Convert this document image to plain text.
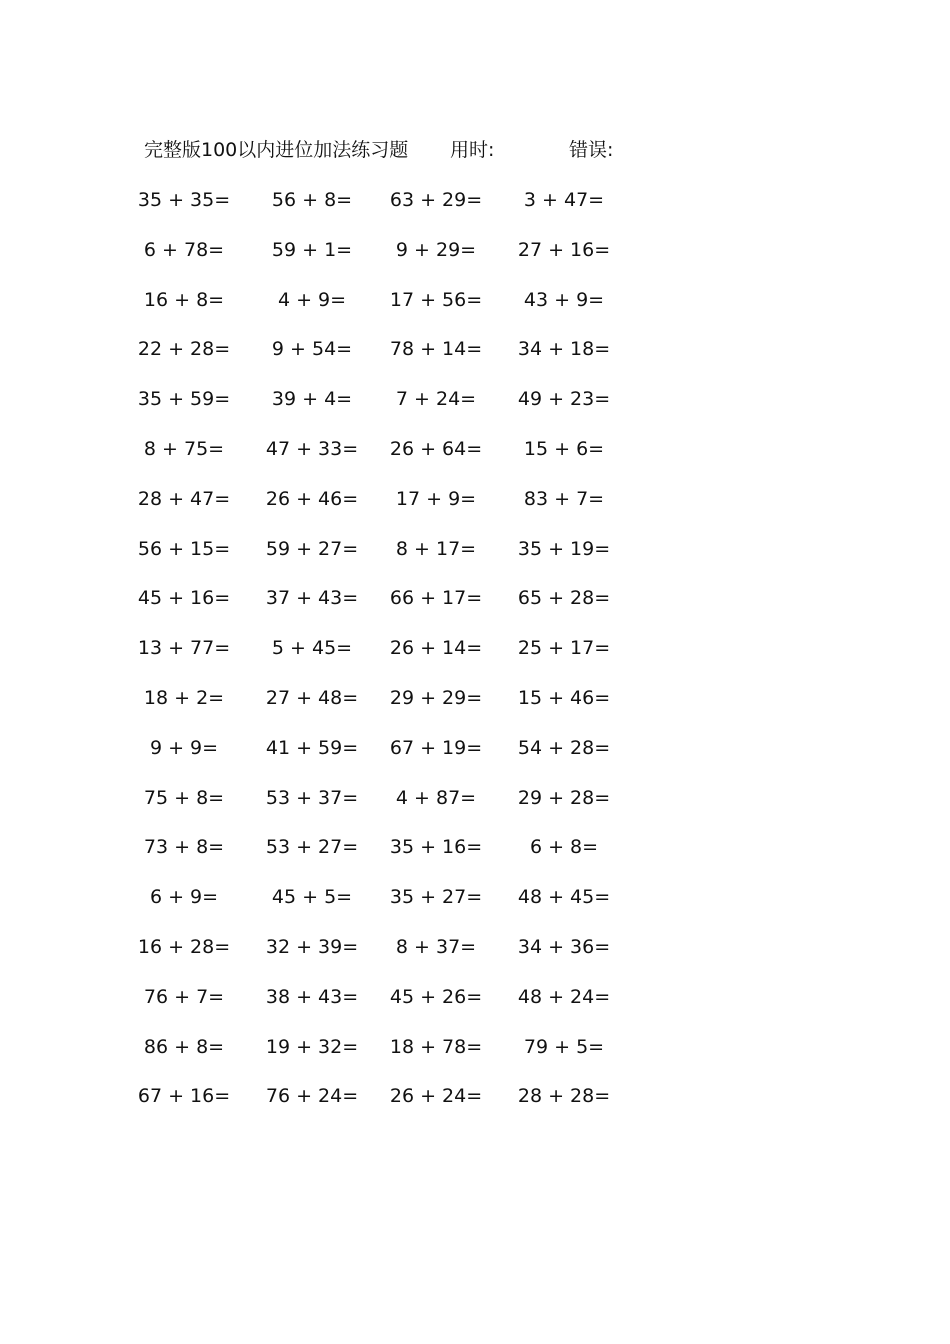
完整版100以内进位加法练习题 用时:	错误:
35 + 35=	56 + 8=	63 + 29=	3 + 47=
6 + 78=	59 + 1=	9 + 29=	27 + 16=
16 + 8=	4 + 9=	17 + 56=	43 + 9=
22 + 28=	9 + 54=	78 + 14=	34 + 18=
35 + 59=	39 + 4=	7 + 24=	49 + 23=
8 + 75=	47 + 33=	26 + 64=	15 + 6=
28 + 47=	26 + 46=	17 + 9=	83 + 7=
56 + 15=	59 + 27=	8 + 17=	35 + 19=
45 + 16=	37 + 43=	66 + 17=	65 + 28=
13 + 77=	5 + 45=	26 + 14=	25 + 17=
18 + 2=	27 + 48=	29 + 29=	15 + 46=
9 + 9=	41 + 59=	67 + 19=	54 + 28=
75 + 8=	53 + 37=	4 + 87=	29 + 28=
73 + 8=	53 + 27=	35 + 16=	6 + 8=
6 + 9=	45 + 5=	35 + 27=	48 + 45=
16 + 28=	32 + 39=	8 + 37=	34 + 36=
76 + 7=	38 + 43=	45 + 26=	48 + 24=
86 + 8=	19 + 32=	18 + 78=	79 + 5=
67 + 16=	76 + 24=	26 + 24=	28 + 28=
